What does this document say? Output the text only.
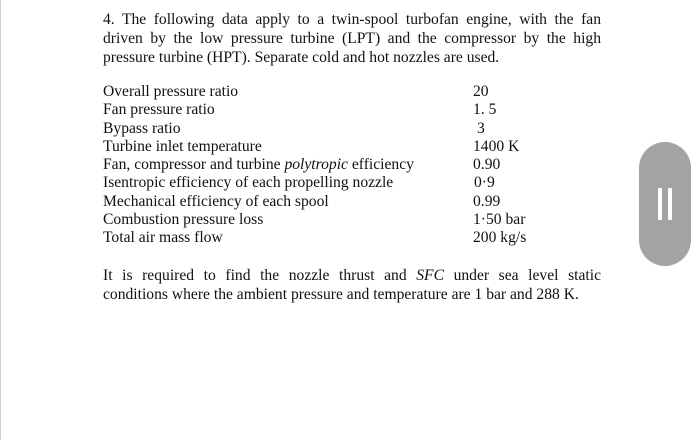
4. The following data apply to a twin-spool turbofan engine, with the fan
driven by the low pressure turbine (LPT) and the compressor by the high
pressure turbine (HPT). Separate cold and hot nozzles are used.
Overall pressure ratio	20
Fan pressure ratio	1. 5
Bypass ratio	3
Turbine inlet temperature	1400 K
Fan, compressor and turbine polytropic efficiency	0.90
Isentropic efficiency of each propelling nozzle	0·9
Mechanical efficiency of each spool	0.99
Combustion pressure loss	1·50 bar
Total air mass flow	200 kg/s
It is required to find the nozzle thrust and SFC under sea level static
conditions where the ambient pressure and temperature are 1 bar and 288 K.
